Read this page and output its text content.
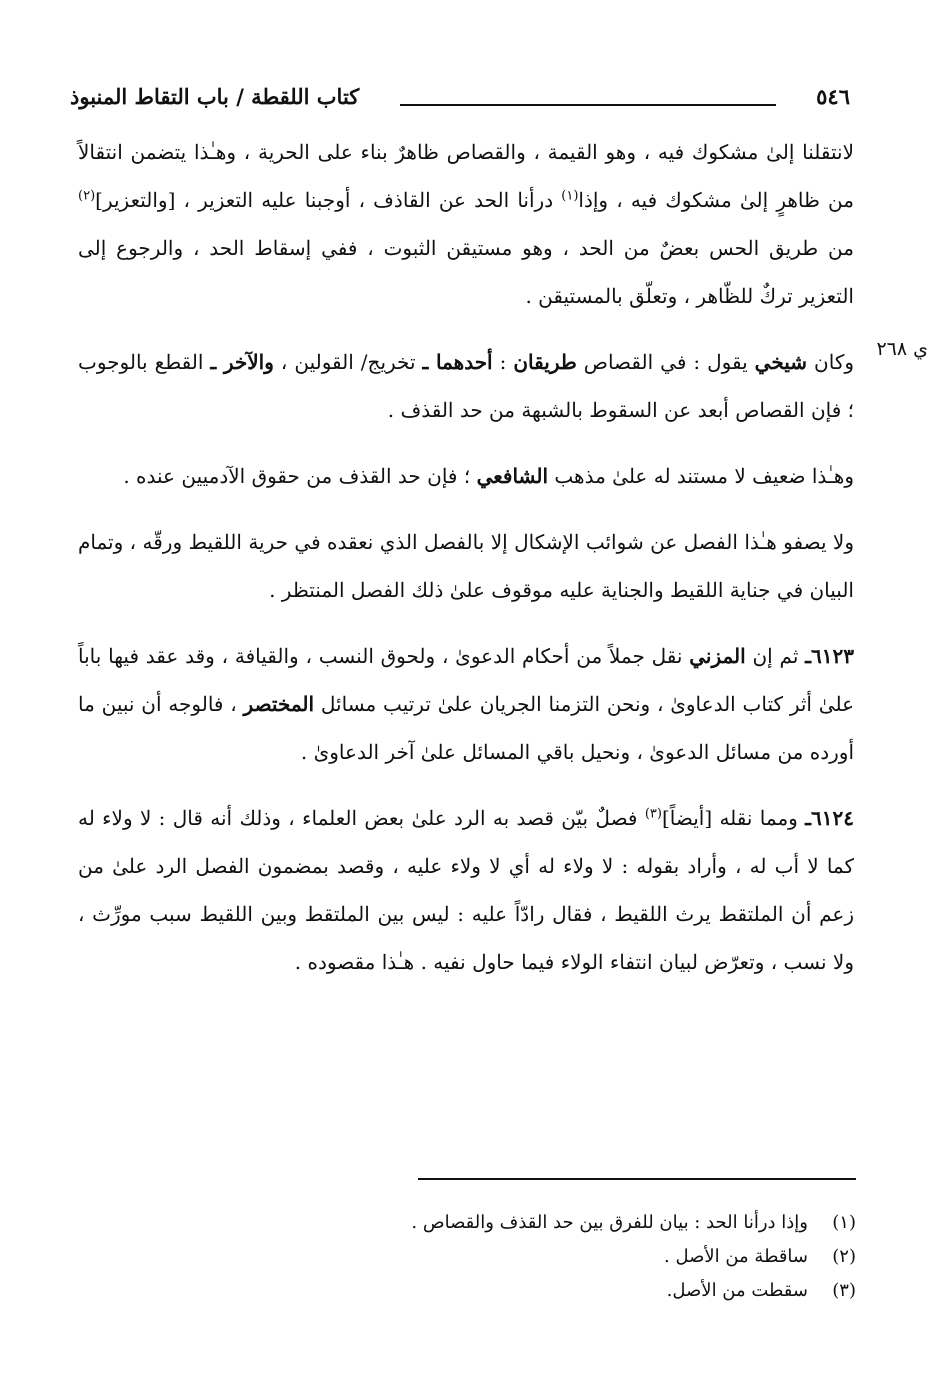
٥٤٦
كتاب اللقطة / باب التقاط المنبوذ
ي ٢٦٨

لانتقلنا إلىٰ مشكوك فيه ، وهو القيمة ، والقصاص ظاهرٌ بناء على الحرية ، وهـٰذا يتضمن انتقالاً من ظاهرٍ إلىٰ مشكوك فيه ، وإذا$^{(١)}$ درأنا الحد عن القاذف ، أوجبنا عليه التعزير ، [والتعزير]$^{(٢)}$ من طريق الحس بعضٌ من الحد ، وهو مستيقن الثبوت ، ففي إسقاط الحد ، والرجوع إلى التعزير تركٌ للظّاهر ، وتعلّق بالمستيقن .

وكان شيخي يقول : في القصاص طريقان : أحدهما ـ تخريج/ القولين ، والآخر ـ القطع بالوجوب ؛ فإن القصاص أبعد عن السقوط بالشبهة من حد القذف .

وهـٰذا ضعيف لا مستند له علىٰ مذهب الشافعي ؛ فإن حد القذف من حقوق الآدميين عنده .

ولا يصفو هـٰذا الفصل عن شوائب الإشكال إلا بالفصل الذي نعقده في حرية اللقيط ورقّه ، وتمام البيان في جناية اللقيط والجناية عليه موقوف علىٰ ذلك الفصل المنتظر .

٦١٢٣ـ ثم إن المزني نقل جملاً من أحكام الدعوىٰ ، ولحوق النسب ، والقيافة ، وقد عقد فيها باباً علىٰ أثر كتاب الدعاوىٰ ، ونحن التزمنا الجريان علىٰ ترتيب مسائل المختصر ، فالوجه أن نبين ما أورده من مسائل الدعوىٰ ، ونحيل باقي المسائل علىٰ آخر الدعاوىٰ .

٦١٢٤ـ ومما نقله [أيضاً]$^{(٣)}$ فصلٌ بيّن قصد به الرد علىٰ بعض العلماء ، وذلك أنه قال : لا ولاء له كما لا أب له ، وأراد بقوله : لا ولاء له أي لا ولاء عليه ، وقصد بمضمون الفصل الرد علىٰ من زعم أن الملتقط يرث اللقيط ، فقال رادّاً عليه : ليس بين الملتقط وبين اللقيط سبب مورِّث ، ولا نسب ، وتعرّض لبيان انتفاء الولاء فيما حاول نفيه . هـٰذا مقصوده .

(١)وإذا درأنا الحد : بيان للفرق بين حد القذف والقصاص .
(٢)ساقطة من الأصل .
(٣)سقطت من الأصل.
